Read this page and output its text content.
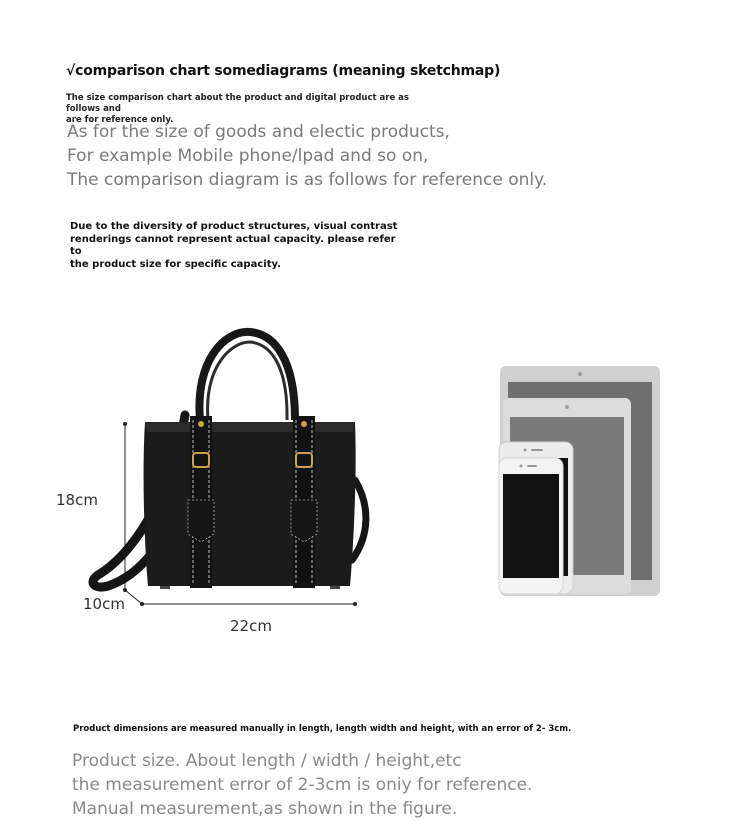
√comparison chart somediagrams (meaning sketchmap)
The size comparison chart about the product and digital product are as follows and
are for reference only.
As for the size of goods and electic products,
For example Mobile phone/lpad and so on,
The comparison diagram is as follows for reference only.
Due to the diversity of product structures, visual contrast
renderings cannot represent actual capacity. please refer to
the product size for specific capacity.
18cm
10cm
22cm
Product dimensions are measured manually in length, length width and height, with an error of 2- 3cm.
Product size. About length / width / height,etc
the measurement error of 2-3cm is oniy for reference.
ManuaI measurement,as shown in the figure.
